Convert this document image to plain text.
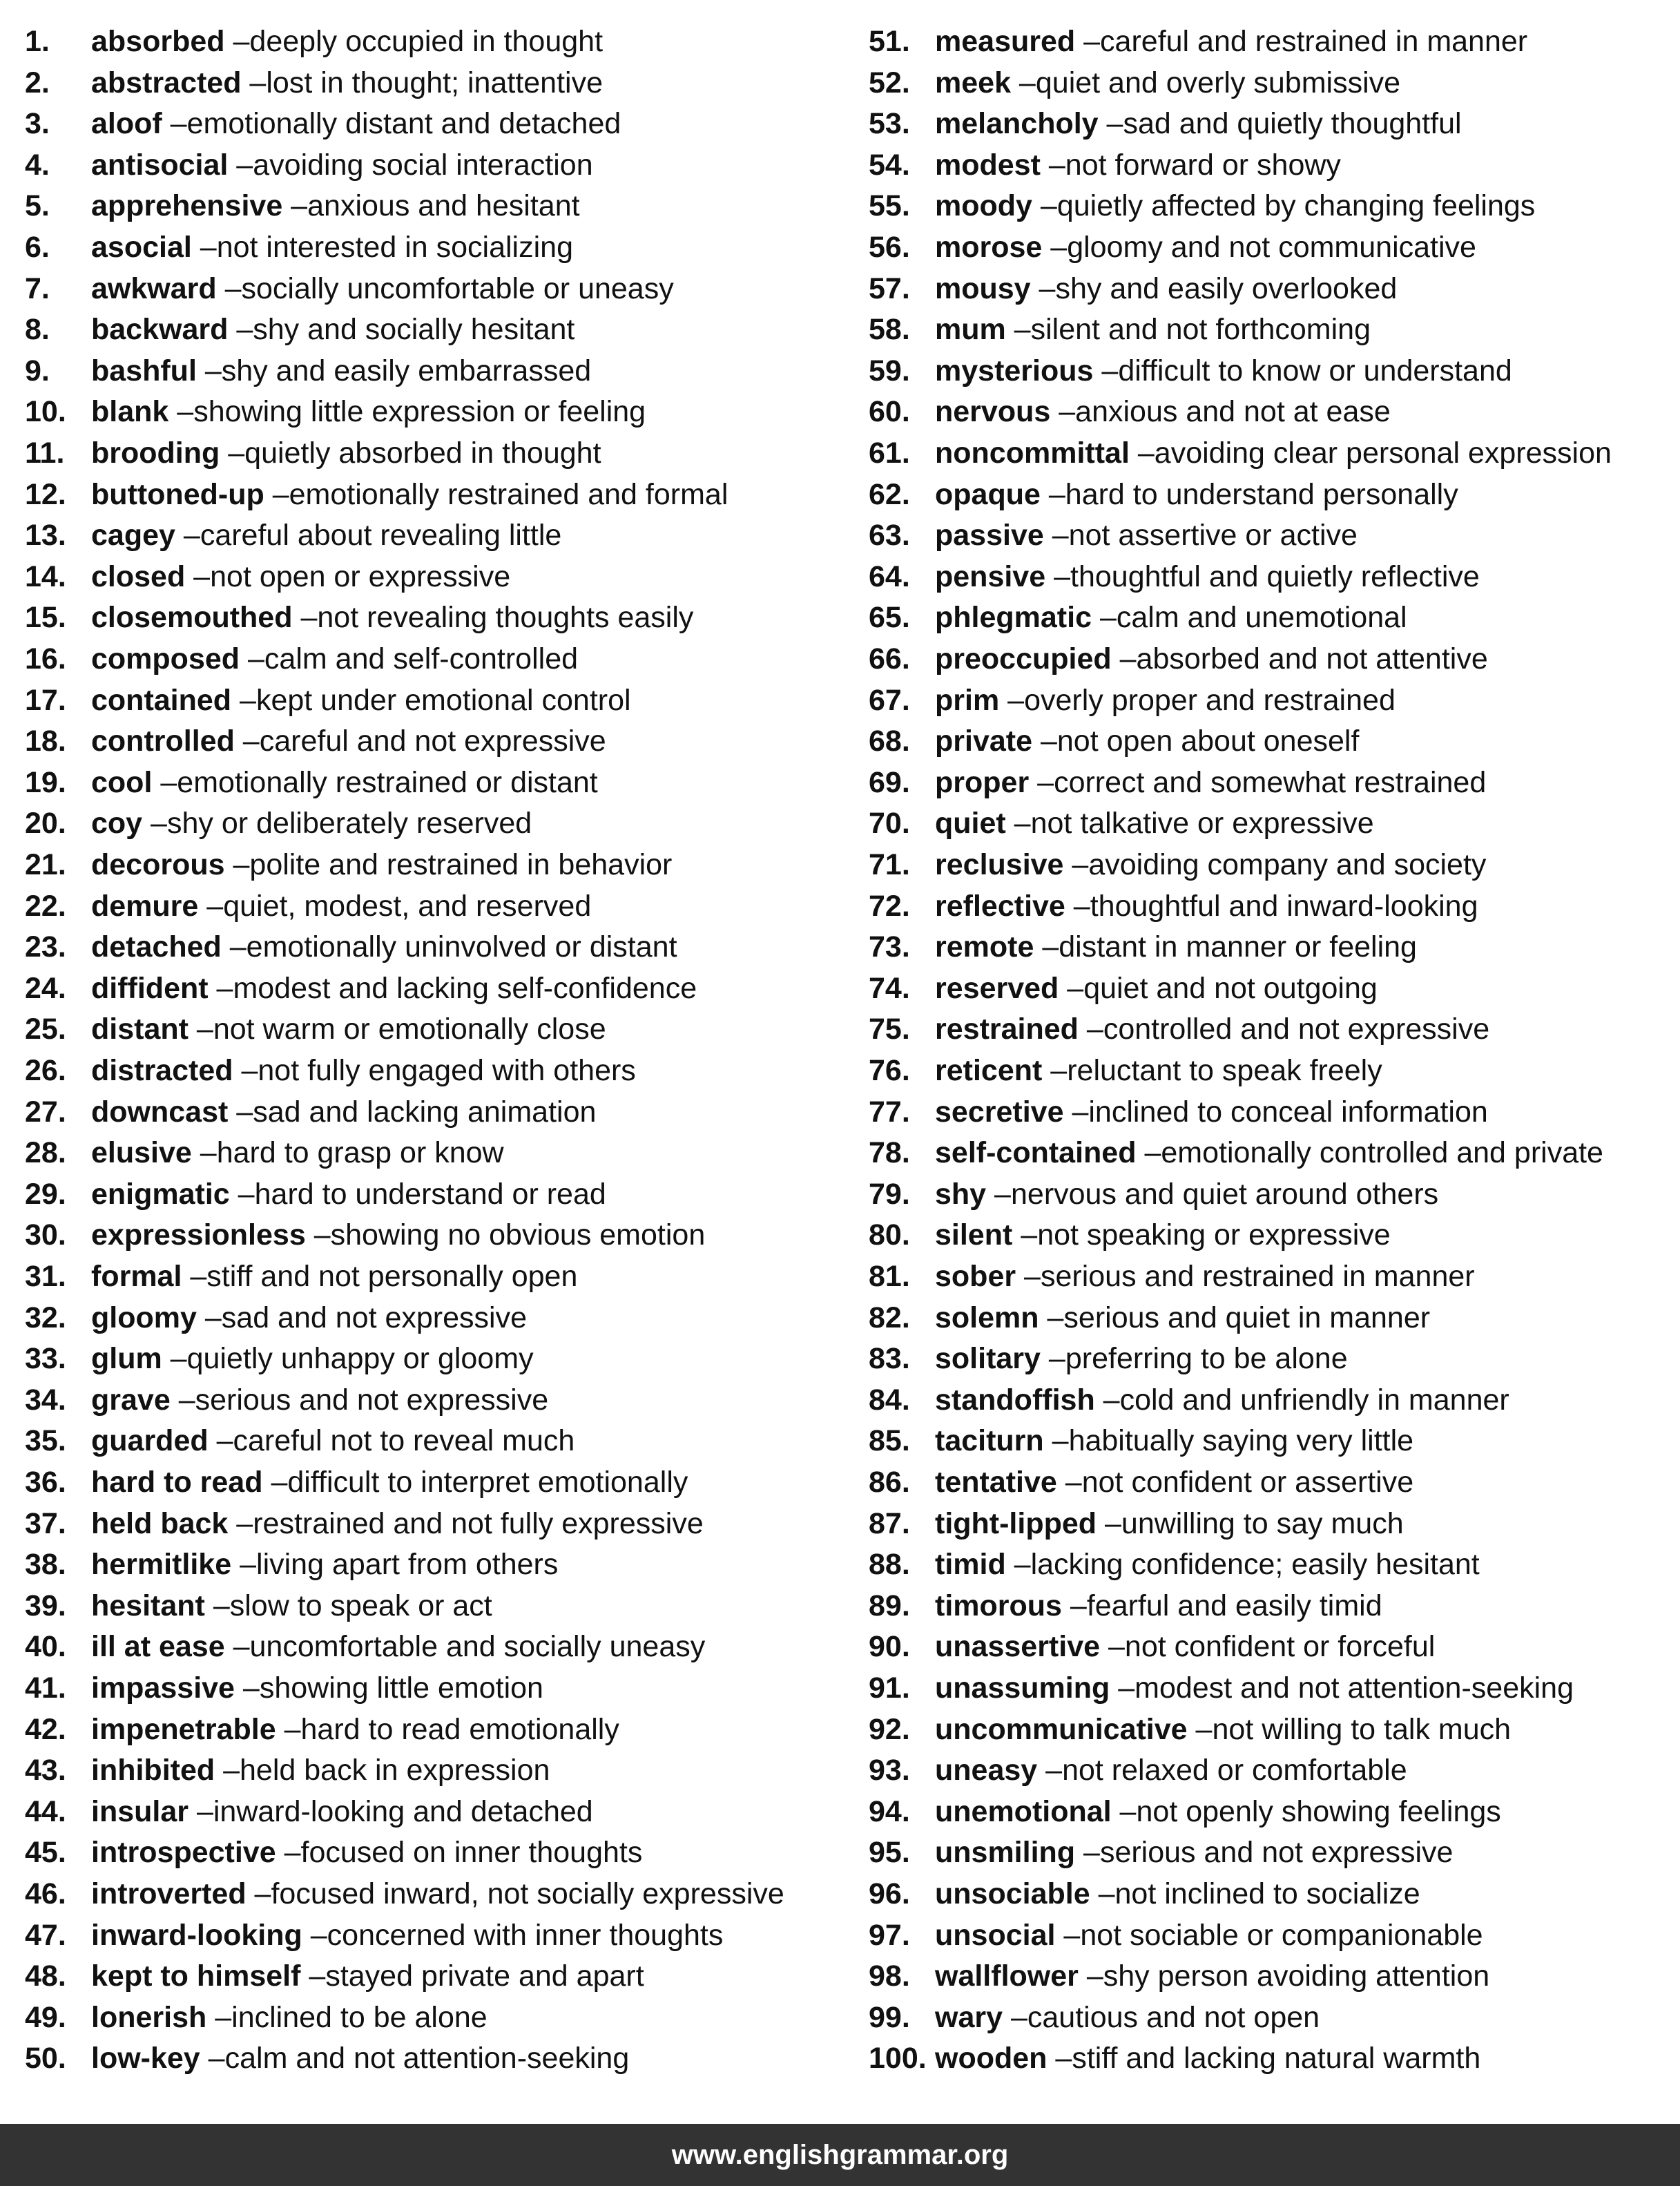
1. absorbed – deeply occupied in thought
2. abstracted – lost in thought; inattentive
3. aloof – emotionally distant and detached
4. antisocial – avoiding social interaction
5. apprehensive – anxious and hesitant
6. asocial – not interested in socializing
7. awkward – socially uncomfortable or uneasy
8. backward – shy and socially hesitant
9. bashful – shy and easily embarrassed
10. blank – showing little expression or feeling
11. brooding – quietly absorbed in thought
12. buttoned-up – emotionally restrained and formal
13. cagey – careful about revealing little
14. closed – not open or expressive
15. closemouthed – not revealing thoughts easily
16. composed – calm and self-controlled
17. contained – kept under emotional control
18. controlled – careful and not expressive
19. cool – emotionally restrained or distant
20. coy – shy or deliberately reserved
21. decorous – polite and restrained in behavior
22. demure – quiet, modest, and reserved
23. detached – emotionally uninvolved or distant
24. diffident – modest and lacking self-confidence
25. distant – not warm or emotionally close
26. distracted – not fully engaged with others
27. downcast – sad and lacking animation
28. elusive – hard to grasp or know
29. enigmatic – hard to understand or read
30. expressionless – showing no obvious emotion
31. formal – stiff and not personally open
32. gloomy – sad and not expressive
33. glum – quietly unhappy or gloomy
34. grave – serious and not expressive
35. guarded – careful not to reveal much
36. hard to read – difficult to interpret emotionally
37. held back – restrained and not fully expressive
38. hermitlike – living apart from others
39. hesitant – slow to speak or act
40. ill at ease – uncomfortable and socially uneasy
41. impassive – showing little emotion
42. impenetrable – hard to read emotionally
43. inhibited – held back in expression
44. insular – inward-looking and detached
45. introspective – focused on inner thoughts
46. introverted – focused inward, not socially expressive
47. inward-looking – concerned with inner thoughts
48. kept to himself – stayed private and apart
49. lonerish – inclined to be alone
50. low-key – calm and not attention-seeking
51. measured – careful and restrained in manner
52. meek – quiet and overly submissive
53. melancholy – sad and quietly thoughtful
54. modest – not forward or showy
55. moody – quietly affected by changing feelings
56. morose – gloomy and not communicative
57. mousy – shy and easily overlooked
58. mum – silent and not forthcoming
59. mysterious – difficult to know or understand
60. nervous – anxious and not at ease
61. noncommittal – avoiding clear personal expression
62. opaque – hard to understand personally
63. passive – not assertive or active
64. pensive – thoughtful and quietly reflective
65. phlegmatic – calm and unemotional
66. preoccupied – absorbed and not attentive
67. prim – overly proper and restrained
68. private – not open about oneself
69. proper – correct and somewhat restrained
70. quiet – not talkative or expressive
71. reclusive – avoiding company and society
72. reflective – thoughtful and inward-looking
73. remote – distant in manner or feeling
74. reserved – quiet and not outgoing
75. restrained – controlled and not expressive
76. reticent – reluctant to speak freely
77. secretive – inclined to conceal information
78. self-contained – emotionally controlled and private
79. shy – nervous and quiet around others
80. silent – not speaking or expressive
81. sober – serious and restrained in manner
82. solemn – serious and quiet in manner
83. solitary – preferring to be alone
84. standoffish – cold and unfriendly in manner
85. taciturn – habitually saying very little
86. tentative – not confident or assertive
87. tight-lipped – unwilling to say much
88. timid – lacking confidence; easily hesitant
89. timorous – fearful and easily timid
90. unassertive – not confident or forceful
91. unassuming – modest and not attention-seeking
92. uncommunicative – not willing to talk much
93. uneasy – not relaxed or comfortable
94. unemotional – not openly showing feelings
95. unsmiling – serious and not expressive
96. unsociable – not inclined to socialize
97. unsocial – not sociable or companionable
98. wallflower – shy person avoiding attention
99. wary – cautious and not open
100. wooden – stiff and lacking natural warmth
www.englishgrammar.org
